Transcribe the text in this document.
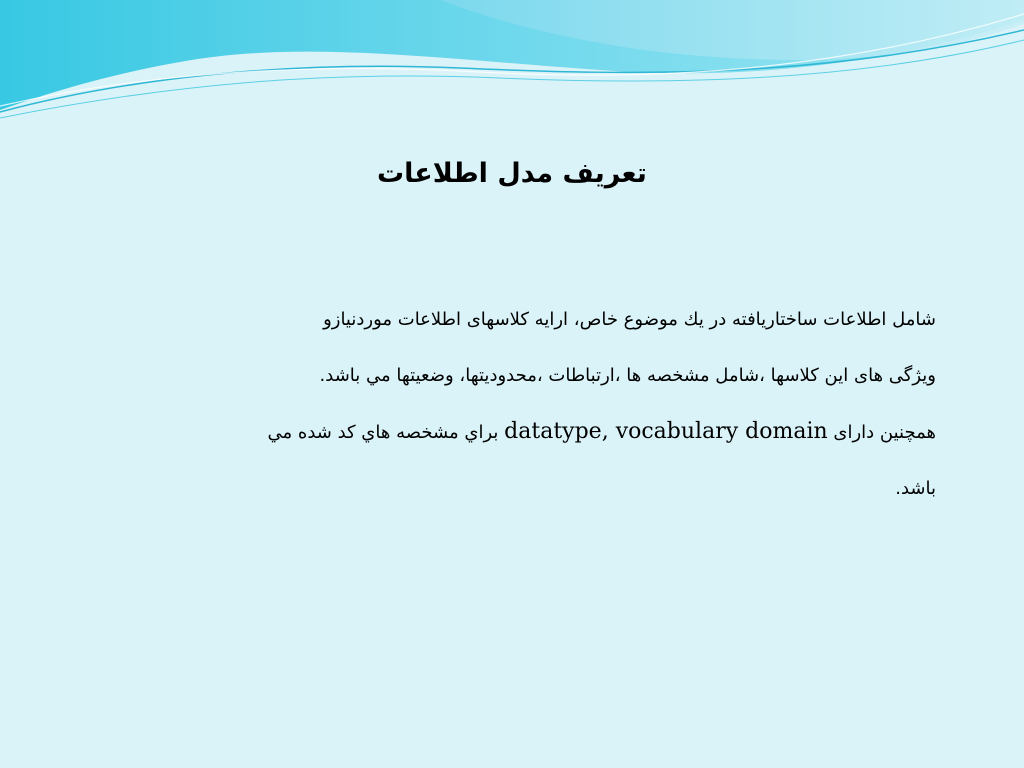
تعريف مدل اطلاعات
شامل اطلاعات ساختاريافته در يك موضوع خاص، ارايه كلاسهاى اطلاعات موردنيازو
ويژگی های اين كلاسها ،شامل مشخصه ها ،ارتباطات ،محدوديتها، وضعيتها مي باشد.
همچنين دارای datatype, vocabulary domain براي مشخصه هاي كد شده مي
باشد.
